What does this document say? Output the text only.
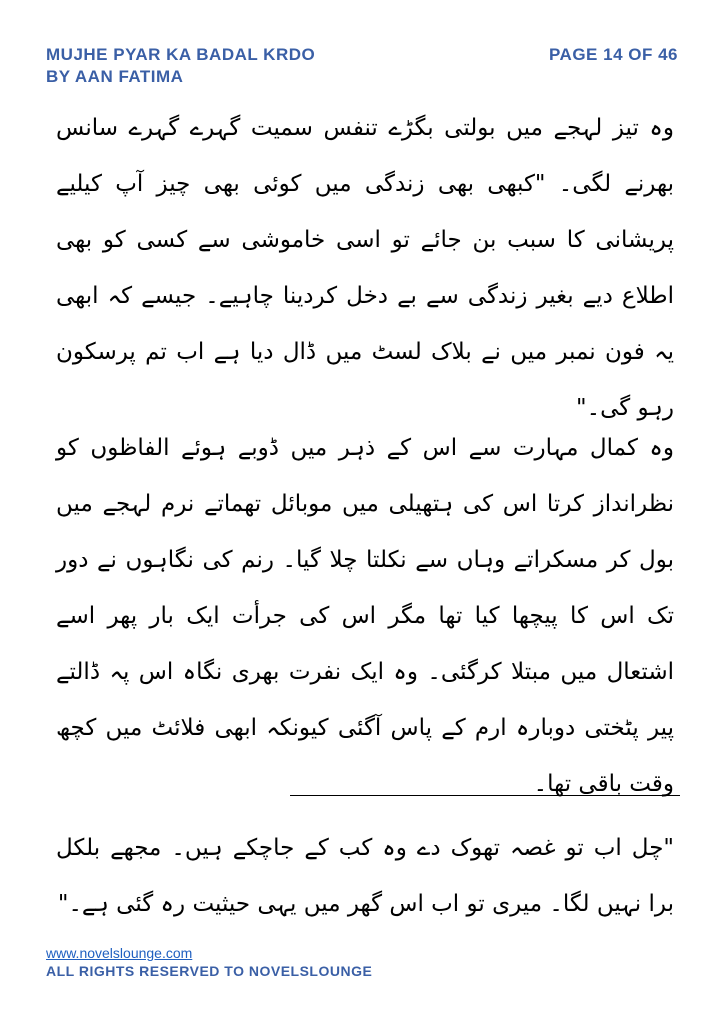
MUJHE PYAR KA BADAL KRDO
BY AAN FATIMA
PAGE 14 OF 46

وہ تیز لہجے میں بولتی بگڑے تنفس سمیت گہرے گہرے سانس بھرنے لگی۔ "کبھی بھی زندگی میں کوئی بھی چیز آپ کیلیے پریشانی کا سبب بن جائے تو اسی خاموشی سے کسی کو بھی اطلاع دیے بغیر زندگی سے بے دخل کردینا چاہیے۔ جیسے کہ ابھی یہ فون نمبر میں نے بلاک لسٹ میں ڈال دیا ہے اب تم پرسکون رہو گی۔"

وہ کمال مہارت سے اس کے ذہر میں ڈوبے ہوئے الفاظوں کو نظرانداز کرتا اس کی ہتھیلی میں موبائل تھماتے نرم لہجے میں بول کر مسکراتے وہاں سے نکلتا چلا گیا۔ رنم کی نگاہوں نے دور تک اس کا پیچھا کیا تھا مگر اس کی جرأت ایک بار پھر اسے اشتعال میں مبتلا کرگئی۔ وہ ایک نفرت بھری نگاہ اس پہ ڈالتے پیر پٹختی دوبارہ ارم کے پاس آگئی کیونکہ ابھی فلائٹ میں کچھ وقت باقی تھا۔

"چل اب تو غصہ تھوک دے وہ کب کے جاچکے ہیں۔ مجھے بلکل برا نہیں لگا۔ میری تو اب اس گھر میں یہی حیثیت رہ گئی ہے۔"

www.novelslounge.com
ALL RIGHTS RESERVED TO NOVELSLOUNGE
